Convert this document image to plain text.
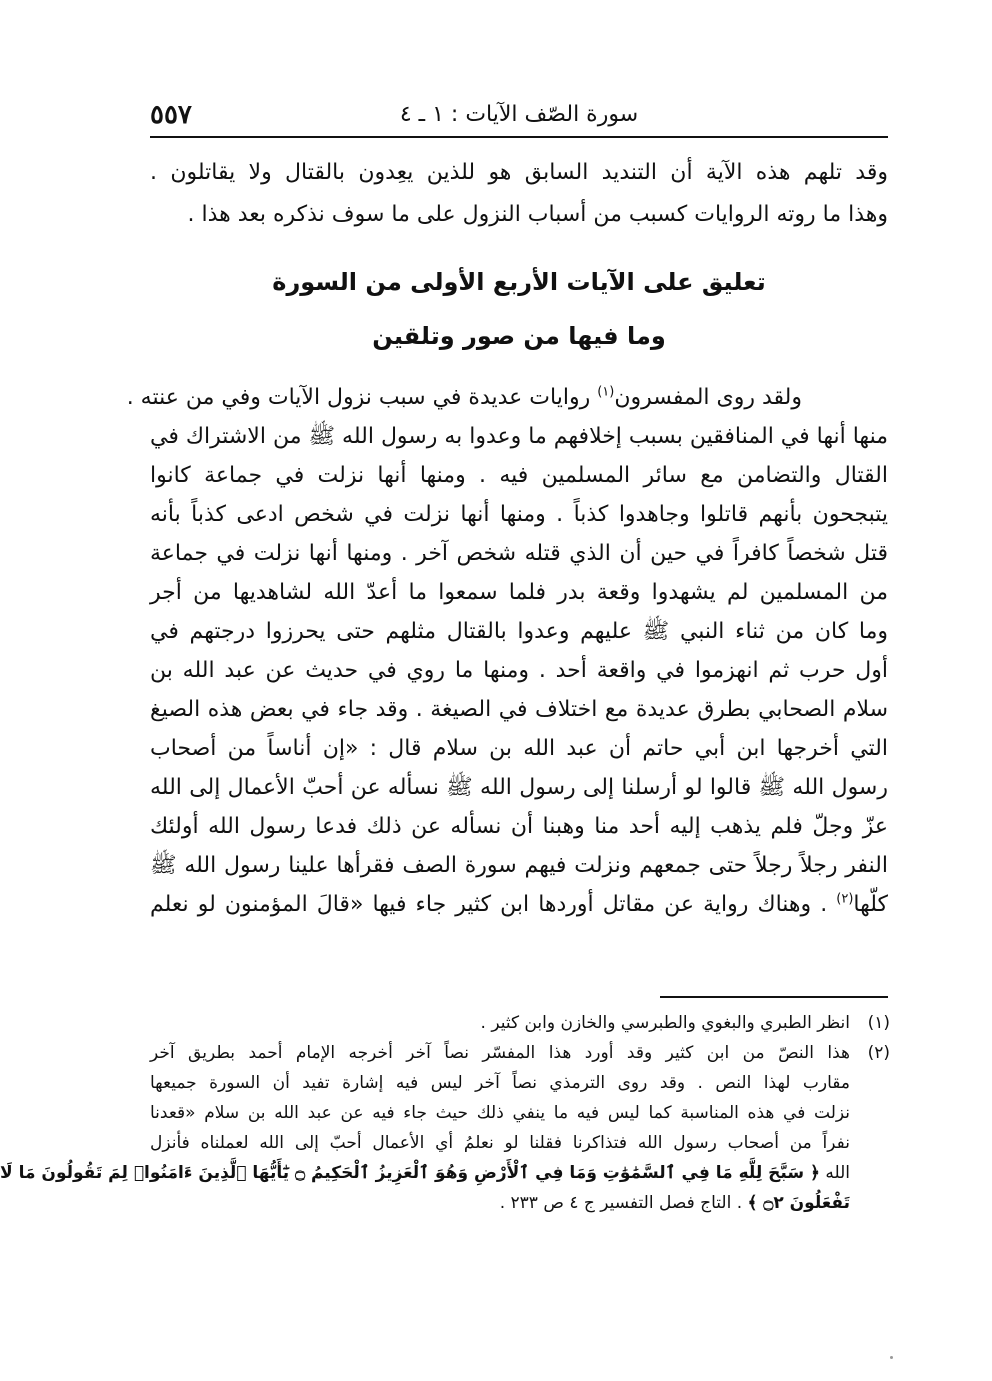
٥٥٧	سورة الصّف الآيات : ١ ـ ٤
وقد تلهم هذه الآية أن التنديد السابق هو للذين يعِدون بالقتال ولا يقاتلون .
وهذا ما روته الروايات كسبب من أسباب النزول على ما سوف نذكره بعد هذا .
تعليق على الآيات الأربع الأولى من السورة
وما فيها من صور وتلقين
ولقد روى المفسرون$^{(١)}$ روايات عديدة في سبب نزول الآيات وفي من عنته .
منها أنها في المنافقين بسبب إخلافهم ما وعدوا به رسول الله ﷺ من الاشتراك في
القتال والتضامن مع سائر المسلمين فيه . ومنها أنها نزلت في جماعة كانوا
يتبجحون بأنهم قاتلوا وجاهدوا كذباً . ومنها أنها نزلت في شخص ادعى كذباً بأنه
قتل شخصاً كافراً في حين أن الذي قتله شخص آخر . ومنها أنها نزلت في جماعة
من المسلمين لم يشهدوا وقعة بدر فلما سمعوا ما أعدّ الله لشاهديها من أجر
وما كان من ثناء النبي ﷺ عليهم وعدوا بالقتال مثلهم حتى يحرزوا درجتهم في
أول حرب ثم انهزموا في واقعة أحد . ومنها ما روي في حديث عن عبد الله بن
سلام الصحابي بطرق عديدة مع اختلاف في الصيغة . وقد جاء في بعض هذه الصيغ
التي أخرجها ابن أبي حاتم أن عبد الله بن سلام قال : «إن أناساً من أصحاب
رسول الله ﷺ قالوا لو أرسلنا إلى رسول الله ﷺ نسأله عن أحبّ الأعمال إلى الله
عزّ وجلّ فلم يذهب إليه أحد منا وهبنا أن نسأله عن ذلك فدعا رسول الله أولئك
النفر رجلاً رجلاً حتى جمعهم ونزلت فيهم سورة الصف فقرأها علينا رسول الله ﷺ
كلّها$^{(٢)}$ . وهناك رواية عن مقاتل أوردها ابن كثير جاء فيها «قالَ المؤمنون لو نعلم
(١)
انظر الطبري والبغوي والطبرسي والخازن وابن كثير .
(٢)
هذا النصّ من ابن كثير وقد أورد هذا المفسّر نصاً آخر أخرجه الإمام أحمد بطريق آخر
مقارب لهذا النص . وقد روى الترمذي نصاً آخر ليس فيه إشارة تفيد أن السورة جميعها
نزلت في هذه المناسبة كما ليس فيه ما ينفي ذلك حيث جاء فيه عن عبد الله بن سلام «قعدنا
نفراً من أصحاب رسول الله فتذاكرنا فقلنا لو نعلمُ أي الأعمال أحبّ إلى الله لعملناه فأنزل
الله ﴿ سَبَّحَ لِلَّهِ مَا فِي ٱلسَّمَٰوَٰتِ وَمَا فِي ٱلْأَرْضِ وَهُوَ ٱلْعَزِيزُ ٱلْحَكِيمُ ۝ يَٰٓأَيُّهَا ٱلَّذِينَ ءَامَنُوا۟ لِمَ تَقُولُونَ مَا لَا
تَفْعَلُونَ ۝٢ ﴾ . التاج فصل التفسير ج ٤ ص ٢٣٣ .
